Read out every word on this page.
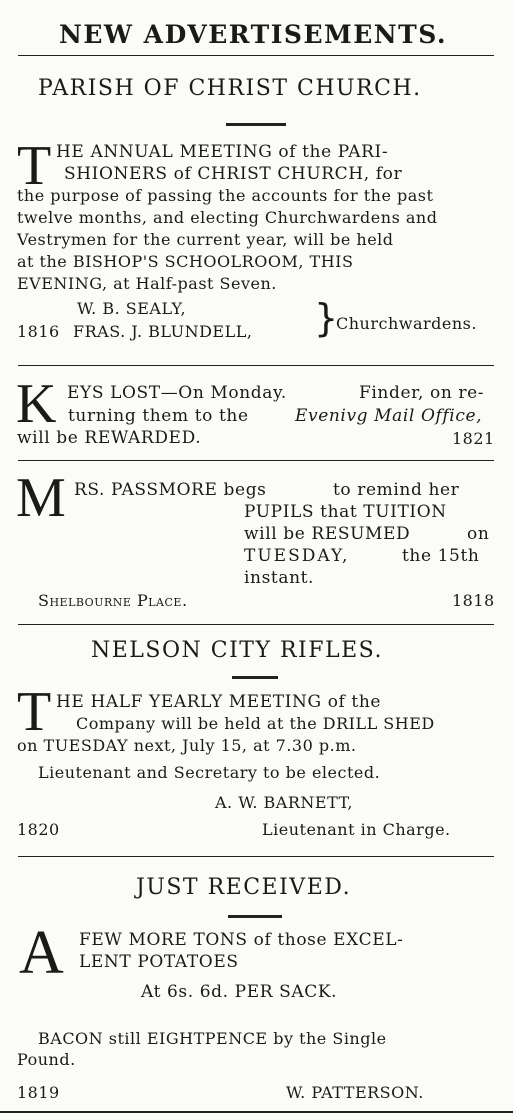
NEW ADVERTISEMENTS.
PARISH OF CHRIST CHURCH.
T HE ANNUAL MEETING of the PARI-
SHIONERS of CHRIST CHURCH, for
the purpose of passing the accounts for the past
twelve months, and electing Churchwardens and
Vestrymen for the current year, will be held
at the BISHOP'S SCHOOLROOM, THIS
EVENING, at Half-past Seven.
W. B. SEALY,
1816 FRAS. J. BLUNDELL, }
Churchwardens.
K EYS LOST—On Monday.	Finder, on re-
turning them to the	Evenivg Mail Office,
will be REWARDED.	1821
M RS. PASSMORE begs	to remind her
PUPILS that TUITION
will be RESUMED	on
TUESDAY,	the 15th
instant.
Shelbourne Place.	1818
NELSON CITY RIFLES.
T HE HALF YEARLY MEETING of the
Company will be held at the DRILL SHED
on TUESDAY next, July 15, at 7.30 p.m.
Lieutenant and Secretary to be elected.
A. W. BARNETT,
1820	Lieutenant in Charge.
JUST RECEIVED.
A FEW MORE TONS of those EXCEL-
LENT POTATOES
At 6s. 6d. PER SACK.
BACON still EIGHTPENCE by the Single
Pound.
1819	W. PATTERSON.
